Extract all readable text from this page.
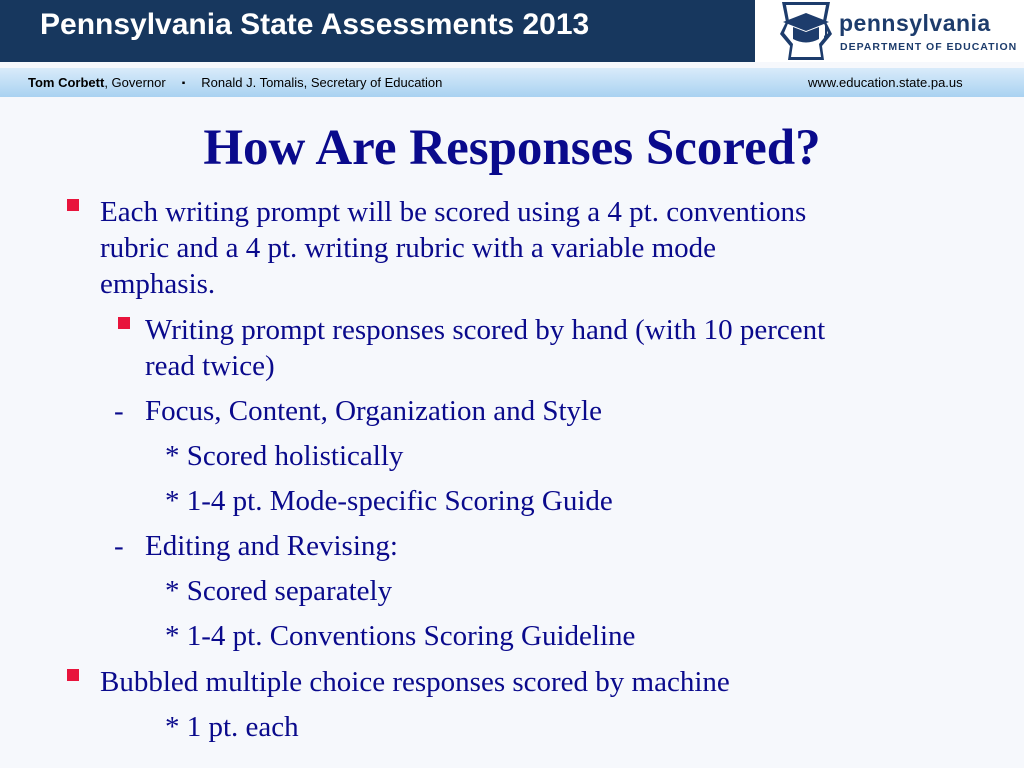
Pennsylvania State Assessments 2013	pennsylvania
DEPARTMENT OF EDUCATION
Tom Corbett, Governor ▪ Ronald J. Tomalis, Secretary of Education	www.education.state.pa.us
How Are Responses Scored?
Each writing prompt will be scored using a 4 pt. conventions
rubric and a 4 pt. writing rubric with a variable mode
emphasis.
Writing prompt responses scored by hand (with 10 percent
read twice)
- Focus, Content, Organization and Style
* Scored holistically
* 1-4 pt. Mode-specific Scoring Guide
- Editing and Revising:
* Scored separately
* 1-4 pt. Conventions Scoring Guideline
Bubbled multiple choice responses scored by machine
* 1 pt. each
